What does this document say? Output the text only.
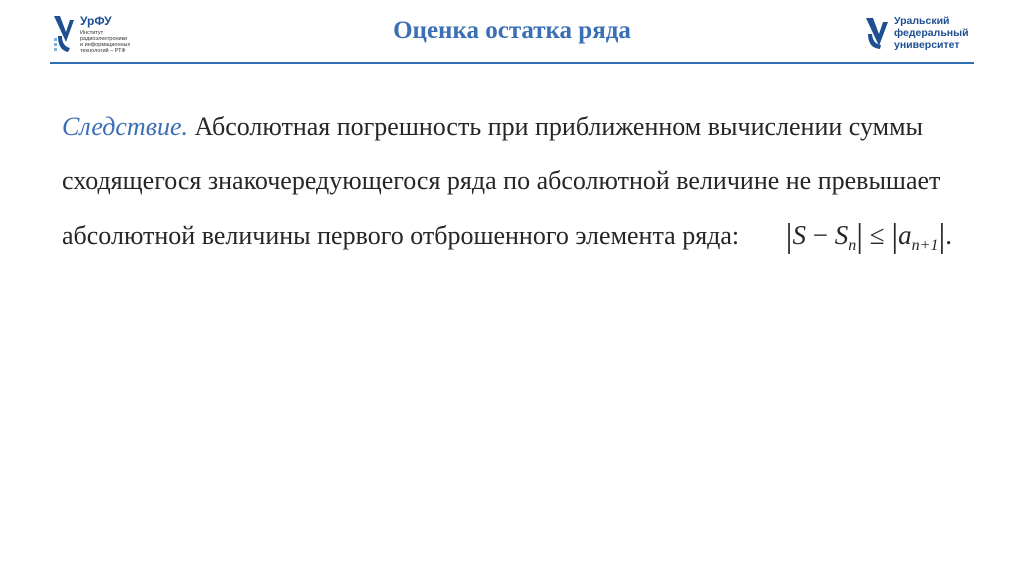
УрФУ
Институт
радиоэлектроники
и информационных
технологий – РТФ
Оценка остатка ряда	Уральский
федеральный
университет

Следствие. Абсолютная погрешность при приближенном вычислении суммы сходящегося знакочередующегося ряда по абсолютной величине не превышает абсолютной величины первого отброшенного элемента ряда: $|S - S_n| \le |a_{n+1}|$.
